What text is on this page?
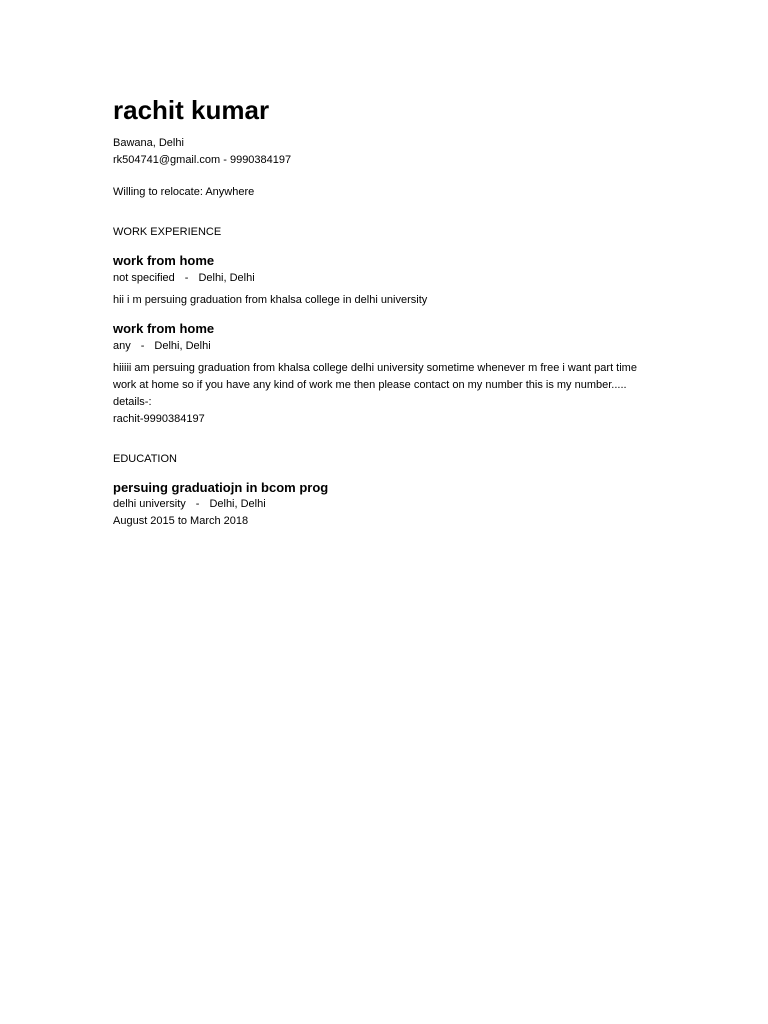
rachit kumar
Bawana, Delhi
rk504741@gmail.com - 9990384197
Willing to relocate: Anywhere
WORK EXPERIENCE
work from home
not specified - Delhi, Delhi
hii i m persuing graduation from khalsa college in delhi university
work from home
any - Delhi, Delhi
hiiiii am persuing graduation from khalsa college delhi university sometime whenever m free i want part time
work at home so if you have any kind of work me then please contact on my number this is my number.....
details-:
rachit-9990384197
EDUCATION
persuing graduatiojn in bcom prog
delhi university - Delhi, Delhi
August 2015 to March 2018
